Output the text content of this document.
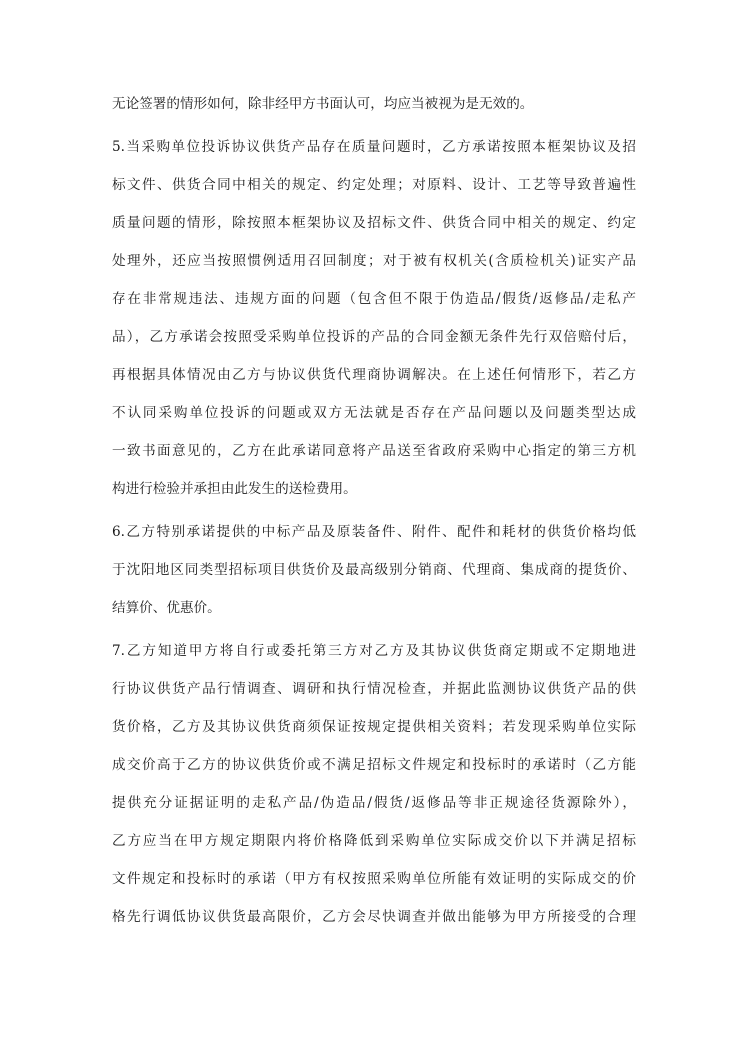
无论签署的情形如何，除非经甲方书面认可，均应当被视为是无效的。
5.当采购单位投诉协议供货产品存在质量问题时，乙方承诺按照本框架协议及招
标文件、供货合同中相关的规定、约定处理；对原料、设计、工艺等导致普遍性
质量问题的情形，除按照本框架协议及招标文件、供货合同中相关的规定、约定
处理外，还应当按照惯例适用召回制度；对于被有权机关(含质检机关)证实产品
存在非常规违法、违规方面的问题（包含但不限于伪造品/假货/返修品/走私产
品），乙方承诺会按照受采购单位投诉的产品的合同金额无条件先行双倍赔付后，
再根据具体情况由乙方与协议供货代理商协调解决。在上述任何情形下，若乙方
不认同采购单位投诉的问题或双方无法就是否存在产品问题以及问题类型达成
一致书面意见的，乙方在此承诺同意将产品送至省政府采购中心指定的第三方机
构进行检验并承担由此发生的送检费用。
6.乙方特别承诺提供的中标产品及原装备件、附件、配件和耗材的供货价格均低
于沈阳地区同类型招标项目供货价及最高级别分销商、代理商、集成商的提货价、
结算价、优惠价。
7.乙方知道甲方将自行或委托第三方对乙方及其协议供货商定期或不定期地进
行协议供货产品行情调查、调研和执行情况检查，并据此监测协议供货产品的供
货价格，乙方及其协议供货商须保证按规定提供相关资料；若发现采购单位实际
成交价高于乙方的协议供货价或不满足招标文件规定和投标时的承诺时（乙方能
提供充分证据证明的走私产品/伪造品/假货/返修品等非正规途径货源除外），
乙方应当在甲方规定期限内将价格降低到采购单位实际成交价以下并满足招标
文件规定和投标时的承诺（甲方有权按照采购单位所能有效证明的实际成交的价
格先行调低协议供货最高限价，乙方会尽快调查并做出能够为甲方所接受的合理
